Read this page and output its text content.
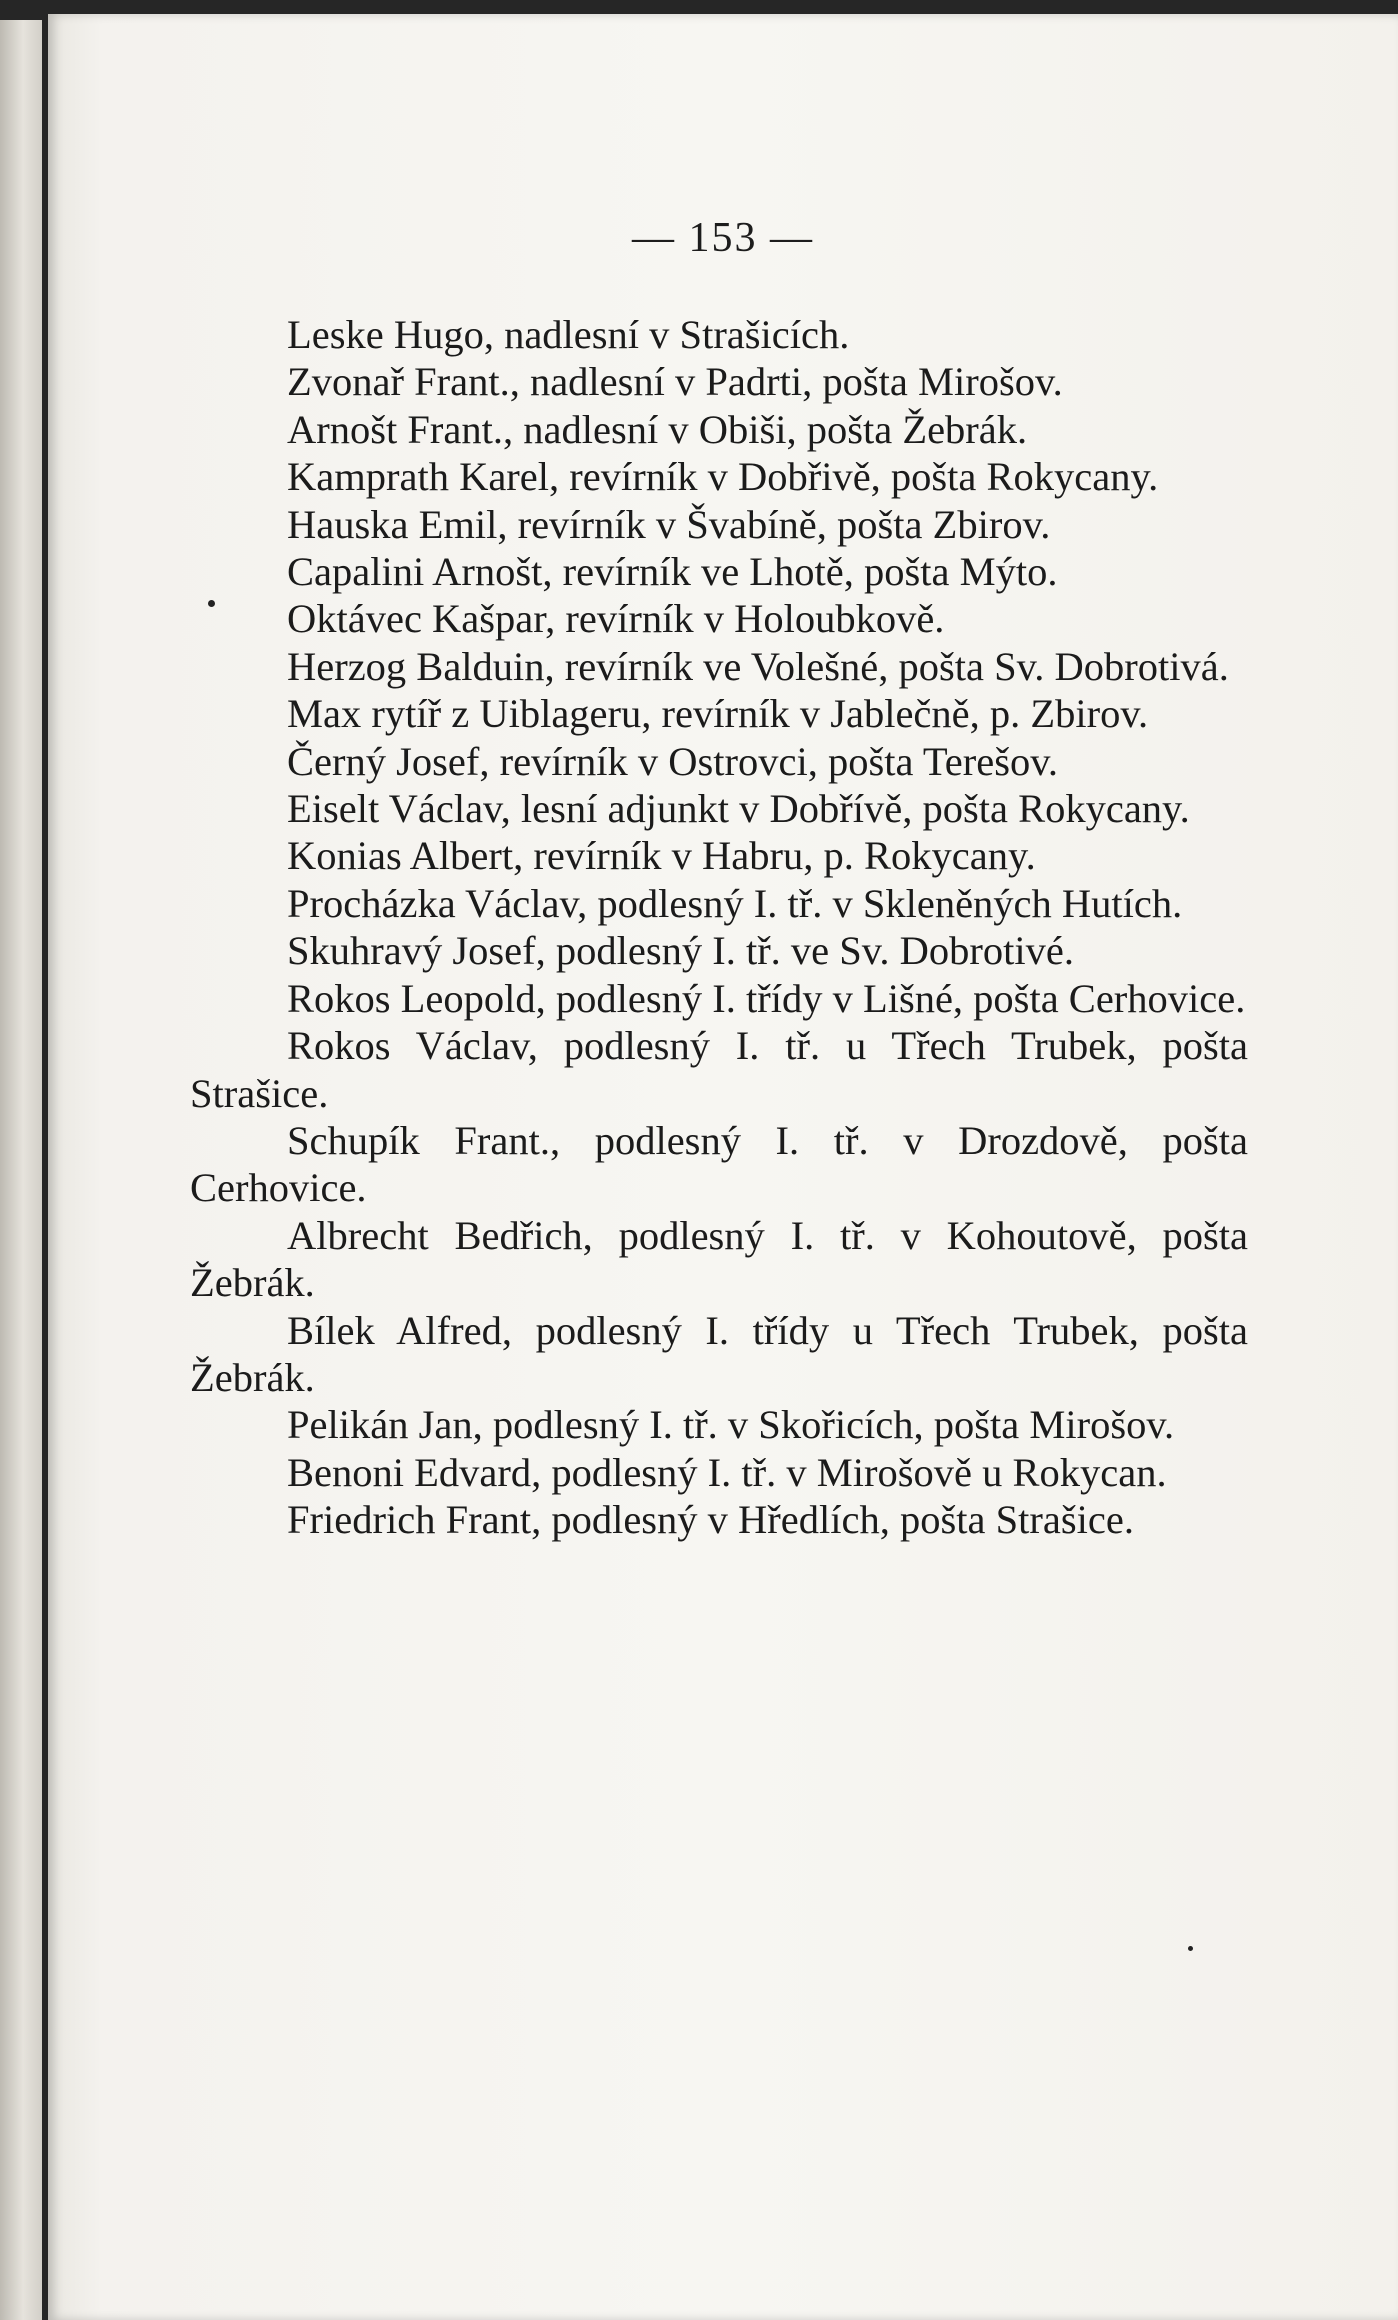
— 153 —

Leske Hugo, nadlesní v Strašicích.

Zvonař Frant., nadlesní v Padrti, pošta Mirošov.

Arnošt Frant., nadlesní v Obiši, pošta Žebrák.

Kamprath Karel, revírník v Dobřivě, pošta Rokycany.

Hauska Emil, revírník v Švabíně, pošta Zbirov.

Capalini Arnošt, revírník ve Lhotě, pošta Mýto.

Oktávec Kašpar, revírník v Holoubkově.

Herzog Balduin, revírník ve Volešné, pošta Sv. Dobrotivá.

Max rytíř z Uiblageru, revírník v Jablečně, p. Zbirov.

Černý Josef, revírník v Ostrovci, pošta Terešov.

Eiselt Václav, lesní adjunkt v Dobřívě, pošta Rokycany.

Konias Albert, revírník v Habru, p. Rokycany.

Procházka Václav, podlesný I. tř. v Skleněných Hutích.

Skuhravý Josef, podlesný I. tř. ve Sv. Dobrotivé.

Rokos Leopold, podlesný I. třídy v Lišné, pošta Cerhovice.

Rokos Václav, podlesný I. tř. u Třech Trubek, pošta Strašice.

Schupík Frant., podlesný I. tř. v Drozdově, pošta Cerhovice.

Albrecht Bedřich, podlesný I. tř. v Kohoutově, pošta Žebrák.

Bílek Alfred, podlesný I. třídy u Třech Trubek, pošta Žebrák.

Pelikán Jan, podlesný I. tř. v Skořicích, pošta Mirošov.

Benoni Edvard, podlesný I. tř. v Mirošově u Rokycan.

Friedrich Frant, podlesný v Hředlích, pošta Strašice.
